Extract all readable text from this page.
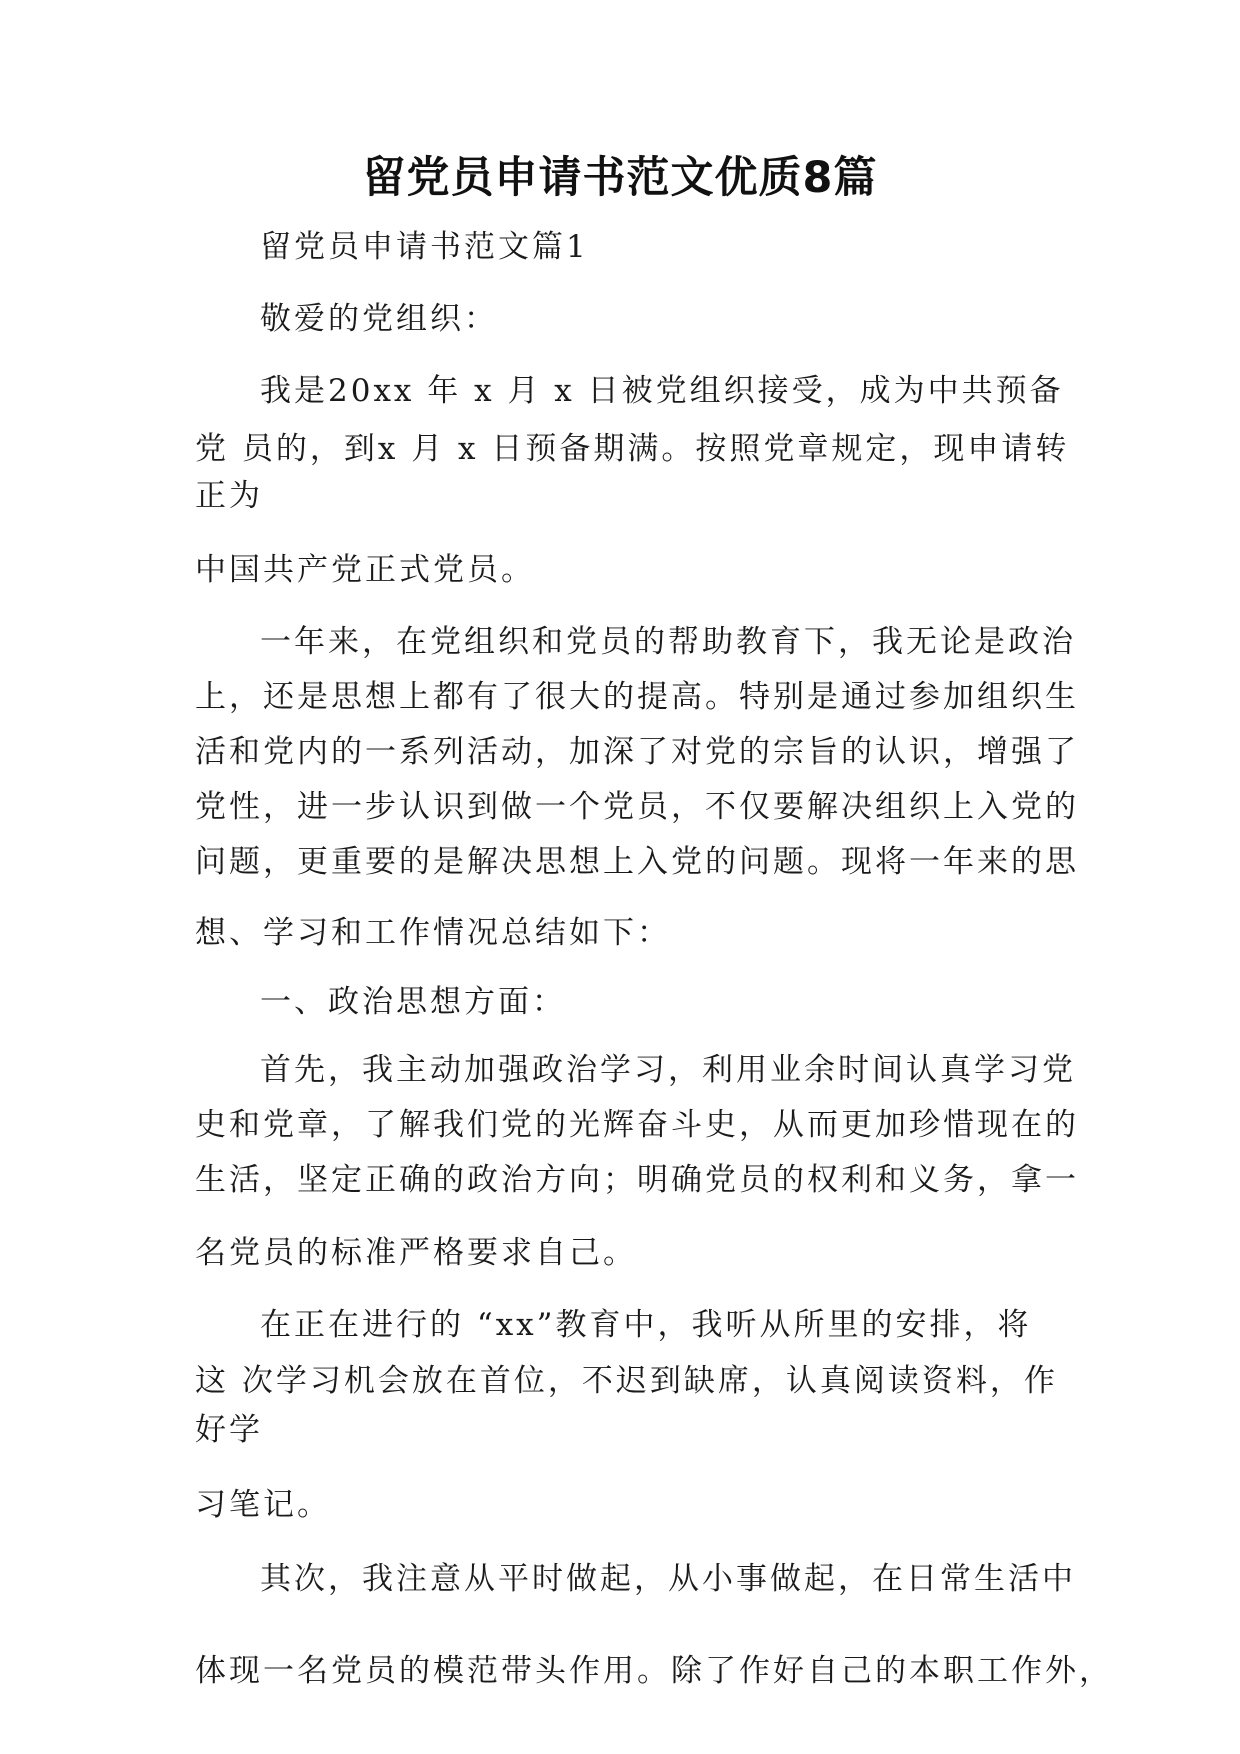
留党员申请书范文优质8篇
留党员申请书范文篇1
敬爱的党组织：
我是20xx 年 x 月 x 日被党组织接受，成为中共预备
党 员的，到x 月 x 日预备期满。按照党章规定，现申请转
正为
中国共产党正式党员。
一年来，在党组织和党员的帮助教育下，我无论是政治
上，还是思想上都有了很大的提高。特别是通过参加组织生
活和党内的一系列活动，加深了对党的宗旨的认识，增强了
党性，进一步认识到做一个党员，不仅要解决组织上入党的
问题，更重要的是解决思想上入党的问题。现将一年来的思
想、学习和工作情况总结如下：
一、政治思想方面：
首先，我主动加强政治学习，利用业余时间认真学习党
史和党章，了解我们党的光辉奋斗史，从而更加珍惜现在的
生活，坚定正确的政治方向；明确党员的权利和义务，拿一
名党员的标准严格要求自己。
在正在进行的 “xx”教育中，我听从所里的安排，将
这 次学习机会放在首位，不迟到缺席，认真阅读资料，作
好学
习笔记。
其次，我注意从平时做起，从小事做起，在日常生活中
体现一名党员的模范带头作用。除了作好自己的本职工作外，
